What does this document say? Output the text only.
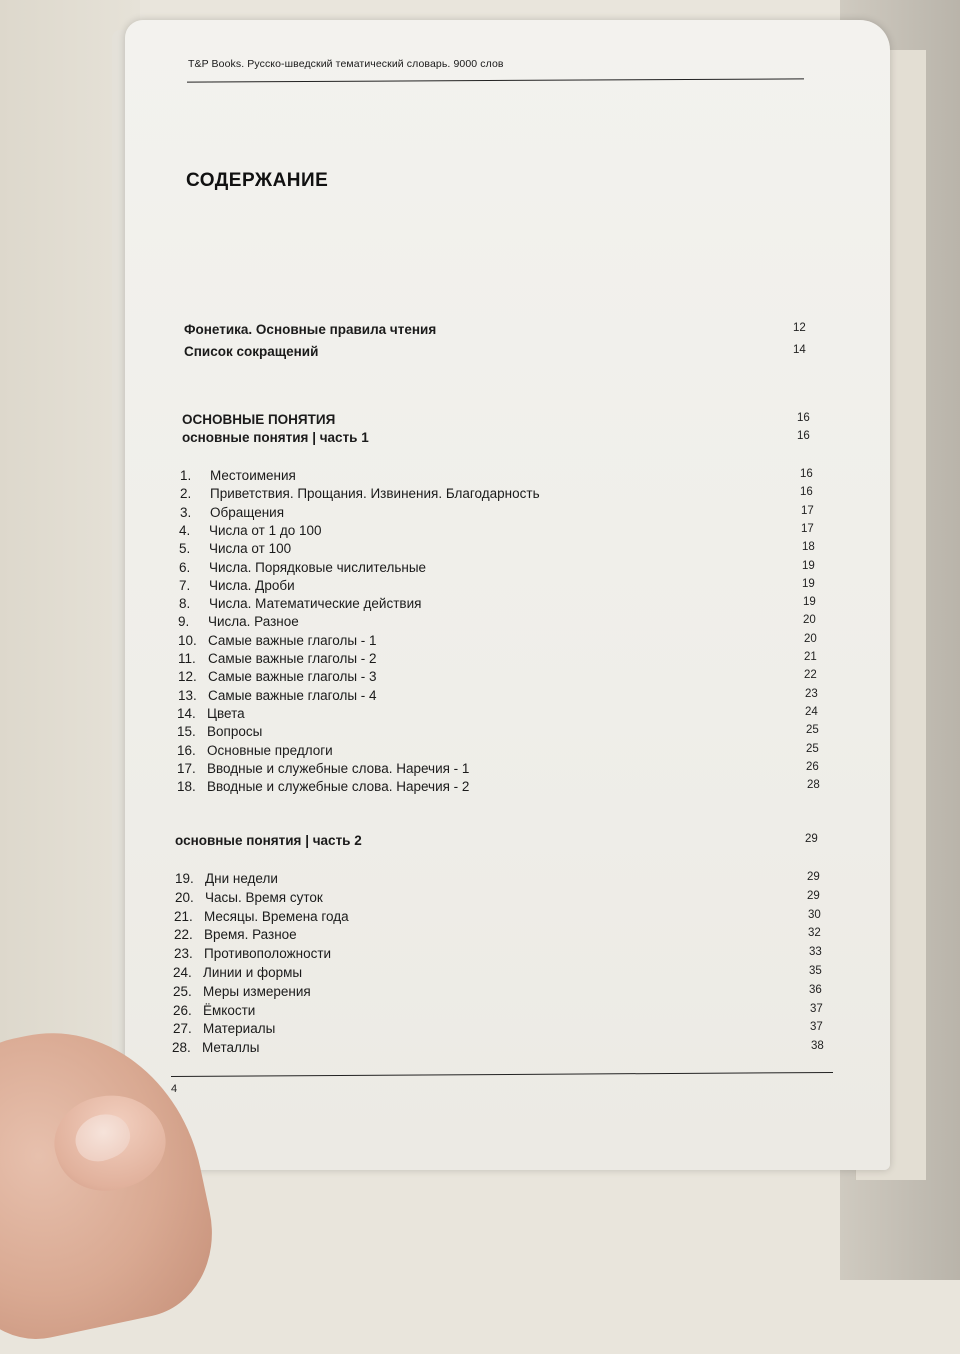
T&P Books. Русско-шведский тематический словарь. 9000 слов
СОДЕРЖАНИЕ
Фонетика. Основные правила чтения	12
Список сокращений	14
ОСНОВНЫЕ ПОНЯТИЯ	16
основные понятия | часть 1	16
1. Местоимения	16
2. Приветствия. Прощания. Извинения. Благодарность	16
3. Обращения	17
4. Числа от 1 до 100	17
5. Числа от 100	18
6. Числа. Порядковые числительные	19
7. Числа. Дроби	19
8. Числа. Математические действия	19
9. Числа. Разное	20
10. Самые важные глаголы - 1	20
11. Самые важные глаголы - 2	21
12. Самые важные глаголы - 3	22
13. Самые важные глаголы - 4	23
14. Цвета	24
15. Вопросы	25
16. Основные предлоги	25
17. Вводные и служебные слова. Наречия - 1	26
18. Вводные и служебные слова. Наречия - 2	28
основные понятия | часть 2	29
19. Дни недели	29
20. Часы. Время суток	29
21. Месяцы. Времена года	30
22. Время. Разное	32
23. Противоположности	33
24. Линии и формы	35
25. Меры измерения	36
26. Ёмкости	37
27. Материалы	37
28. Металлы	38
4
